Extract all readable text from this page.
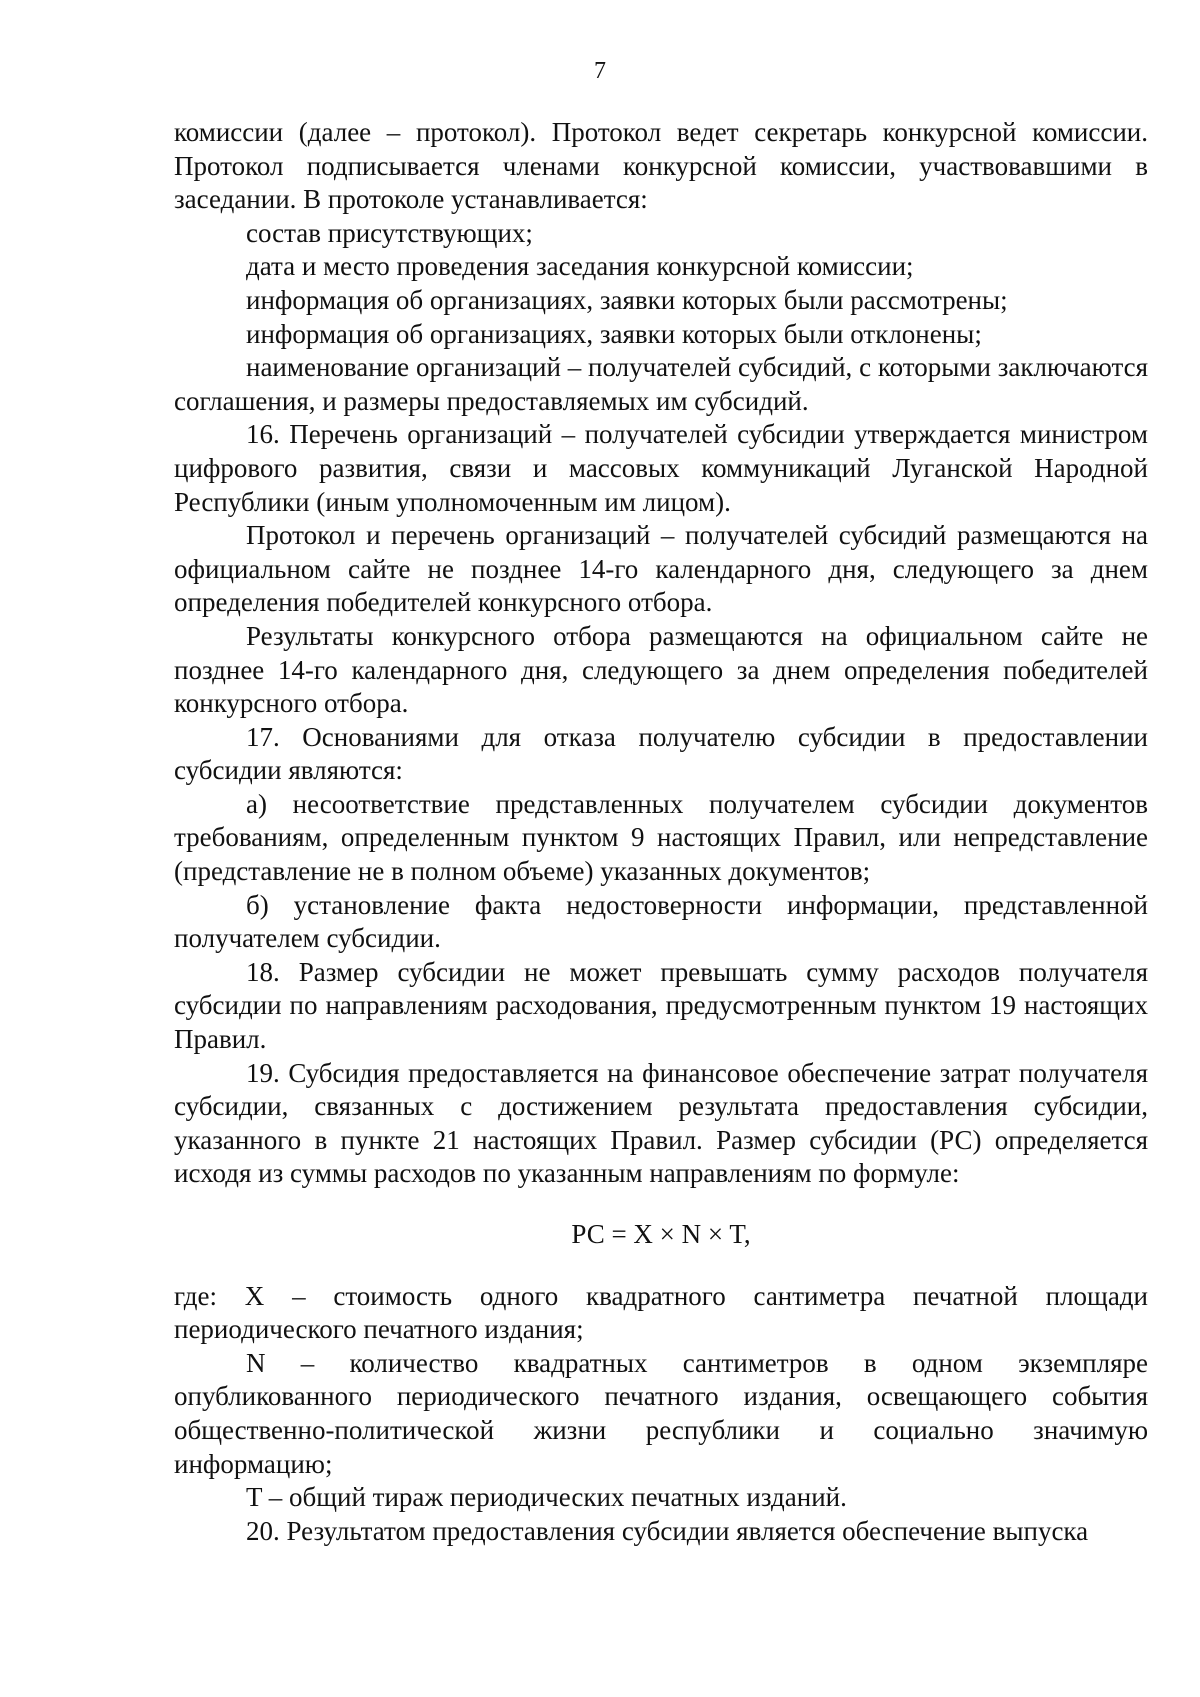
7

комиссии (далее – протокол). Протокол ведет секретарь конкурсной комиссии. Протокол подписывается членами конкурсной комиссии, участвовавшими в заседании. В протоколе устанавливается:

состав присутствующих;

дата и место проведения заседания конкурсной комиссии;

информация об организациях, заявки которых были рассмотрены;

информация об организациях, заявки которых были отклонены;

наименование организаций – получателей субсидий, с которыми заключаются соглашения, и размеры предоставляемых им субсидий.

16. Перечень организаций – получателей субсидии утверждается министром цифрового развития, связи и массовых коммуникаций Луганской Народной Республики (иным уполномоченным им лицом).

Протокол и перечень организаций – получателей субсидий размещаются на официальном сайте не позднее 14-го календарного дня, следующего за днем определения победителей конкурсного отбора.

Результаты конкурсного отбора размещаются на официальном сайте не позднее 14-го календарного дня, следующего за днем определения победителей конкурсного отбора.

17. Основаниями для отказа получателю субсидии в предоставлении субсидии являются:

а) несоответствие представленных получателем субсидии документов требованиям, определенным пунктом 9 настоящих Правил, или непредставление (представление не в полном объеме) указанных документов;

б) установление факта недостоверности информации, представленной получателем субсидии.

18. Размер субсидии не может превышать сумму расходов получателя субсидии по направлениям расходования, предусмотренным пунктом 19 настоящих Правил.

19. Субсидия предоставляется на финансовое обеспечение затрат получателя субсидии, связанных с достижением результата предоставления субсидии, указанного в пункте 21 настоящих Правил. Размер субсидии (РС) определяется исходя из суммы расходов по указанным направлениям по формуле:

РС = X × N × T,

где: X – стоимость одного квадратного сантиметра печатной площади периодического печатного издания;

N – количество квадратных сантиметров в одном экземпляре опубликованного периодического печатного издания, освещающего события общественно-политической жизни республики и социально значимую информацию;

T – общий тираж периодических печатных изданий.

20. Результатом предоставления субсидии является обеспечение выпуска
